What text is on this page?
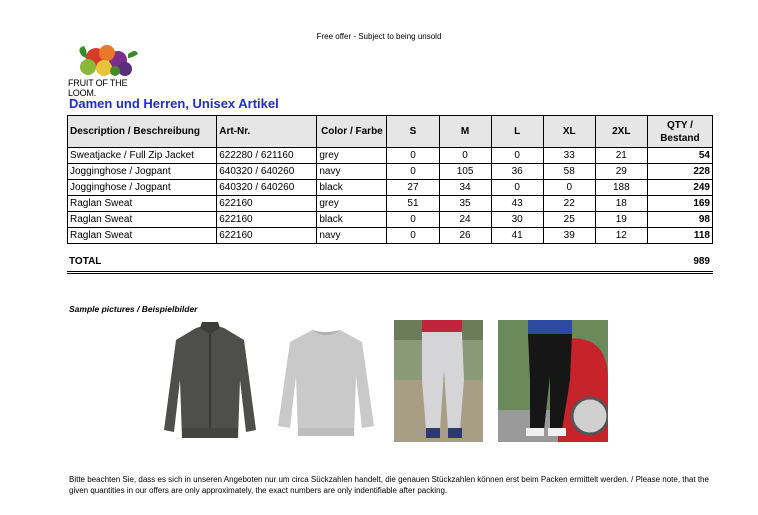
Free offer - Subject to being unsold
FRUIT OF THE LOOM.
Damen und Herren, Unisex Artikel
Description / Beschreibung	Art-Nr.	Color / Farbe	S	M	L	XL	2XL	QTY / Bestand
Sweatjacke / Full Zip Jacket	622280 / 621160	grey	0	0	0	33	21	54
Jogginghose / Jogpant	640320 / 640260	navy	0	105	36	58	29	228
Jogginghose / Jogpant	640320 / 640260	black	27	34	0	0	188	249
Raglan Sweat	622160	grey	51	35	43	22	18	169
Raglan Sweat	622160	black	0	24	30	25	19	98
Raglan Sweat	622160	navy	0	26	41	39	12	118
TOTAL	989
Sample pictures / Beispielbilder
Bitte beachten Sie, dass es sich in unseren Angeboten nur um circa Sückzahlen handelt, die genauen Stückzahlen können erst beim Packen ermittelt werden. / Please note, that the given quantities in our offers are only approximately, the exact numbers are only indentifiable after packing.
